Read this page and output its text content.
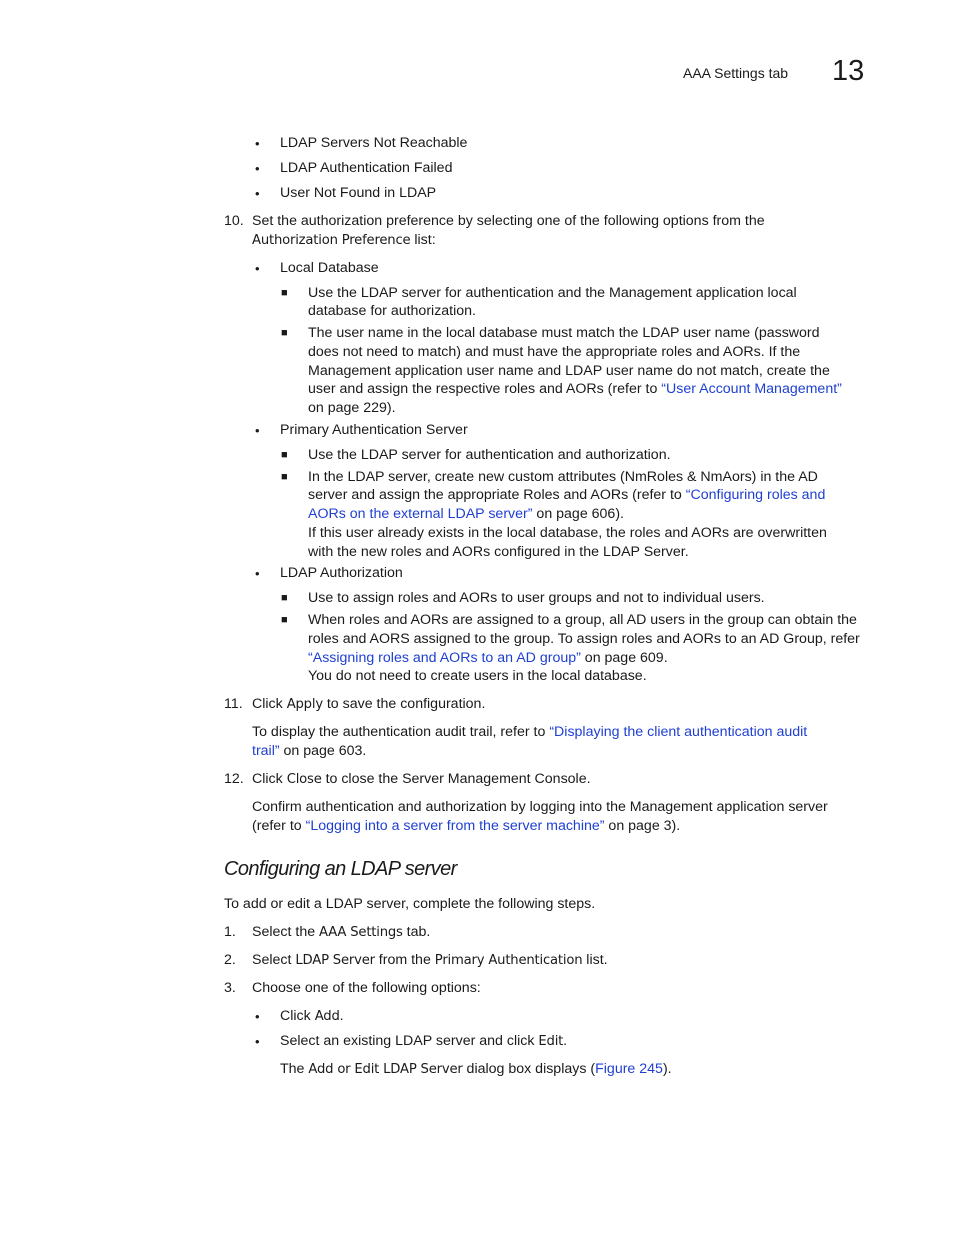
AAA Settings tab 13
• LDAP Servers Not Reachable
• LDAP Authentication Failed
• User Not Found in LDAP
10. Set the authorization preference by selecting one of the following options from the
Authorization Preference list:
• Local Database
■ Use the LDAP server for authentication and the Management application local
database for authorization.
■ The user name in the local database must match the LDAP user name (password
does not need to match) and must have the appropriate roles and AORs. If the
Management application user name and LDAP user name do not match, create the
user and assign the respective roles and AORs (refer to “User Account Management”
on page 229).
• Primary Authentication Server
■ Use the LDAP server for authentication and authorization.
■ In the LDAP server, create new custom attributes (NmRoles & NmAors) in the AD
server and assign the appropriate Roles and AORs (refer to “Configuring roles and
AORs on the external LDAP server” on page 606).
If this user already exists in the local database, the roles and AORs are overwritten
with the new roles and AORs configured in the LDAP Server.
• LDAP Authorization
■ Use to assign roles and AORs to user groups and not to individual users.
■ When roles and AORs are assigned to a group, all AD users in the group can obtain the
roles and AORS assigned to the group. To assign roles and AORs to an AD Group, refer
“Assigning roles and AORs to an AD group” on page 609.
You do not need to create users in the local database.
11. Click Apply to save the configuration.
To display the authentication audit trail, refer to “Displaying the client authentication audit
trail” on page 603.
12. Click Close to close the Server Management Console.
Confirm authentication and authorization by logging into the Management application server
(refer to “Logging into a server from the server machine” on page 3).
Configuring an LDAP server
To add or edit a LDAP server, complete the following steps.
1. Select the AAA Settings tab.
2. Select LDAP Server from the Primary Authentication list.
3. Choose one of the following options:
• Click Add.
• Select an existing LDAP server and click Edit.
The Add or Edit LDAP Server dialog box displays (Figure 245).
